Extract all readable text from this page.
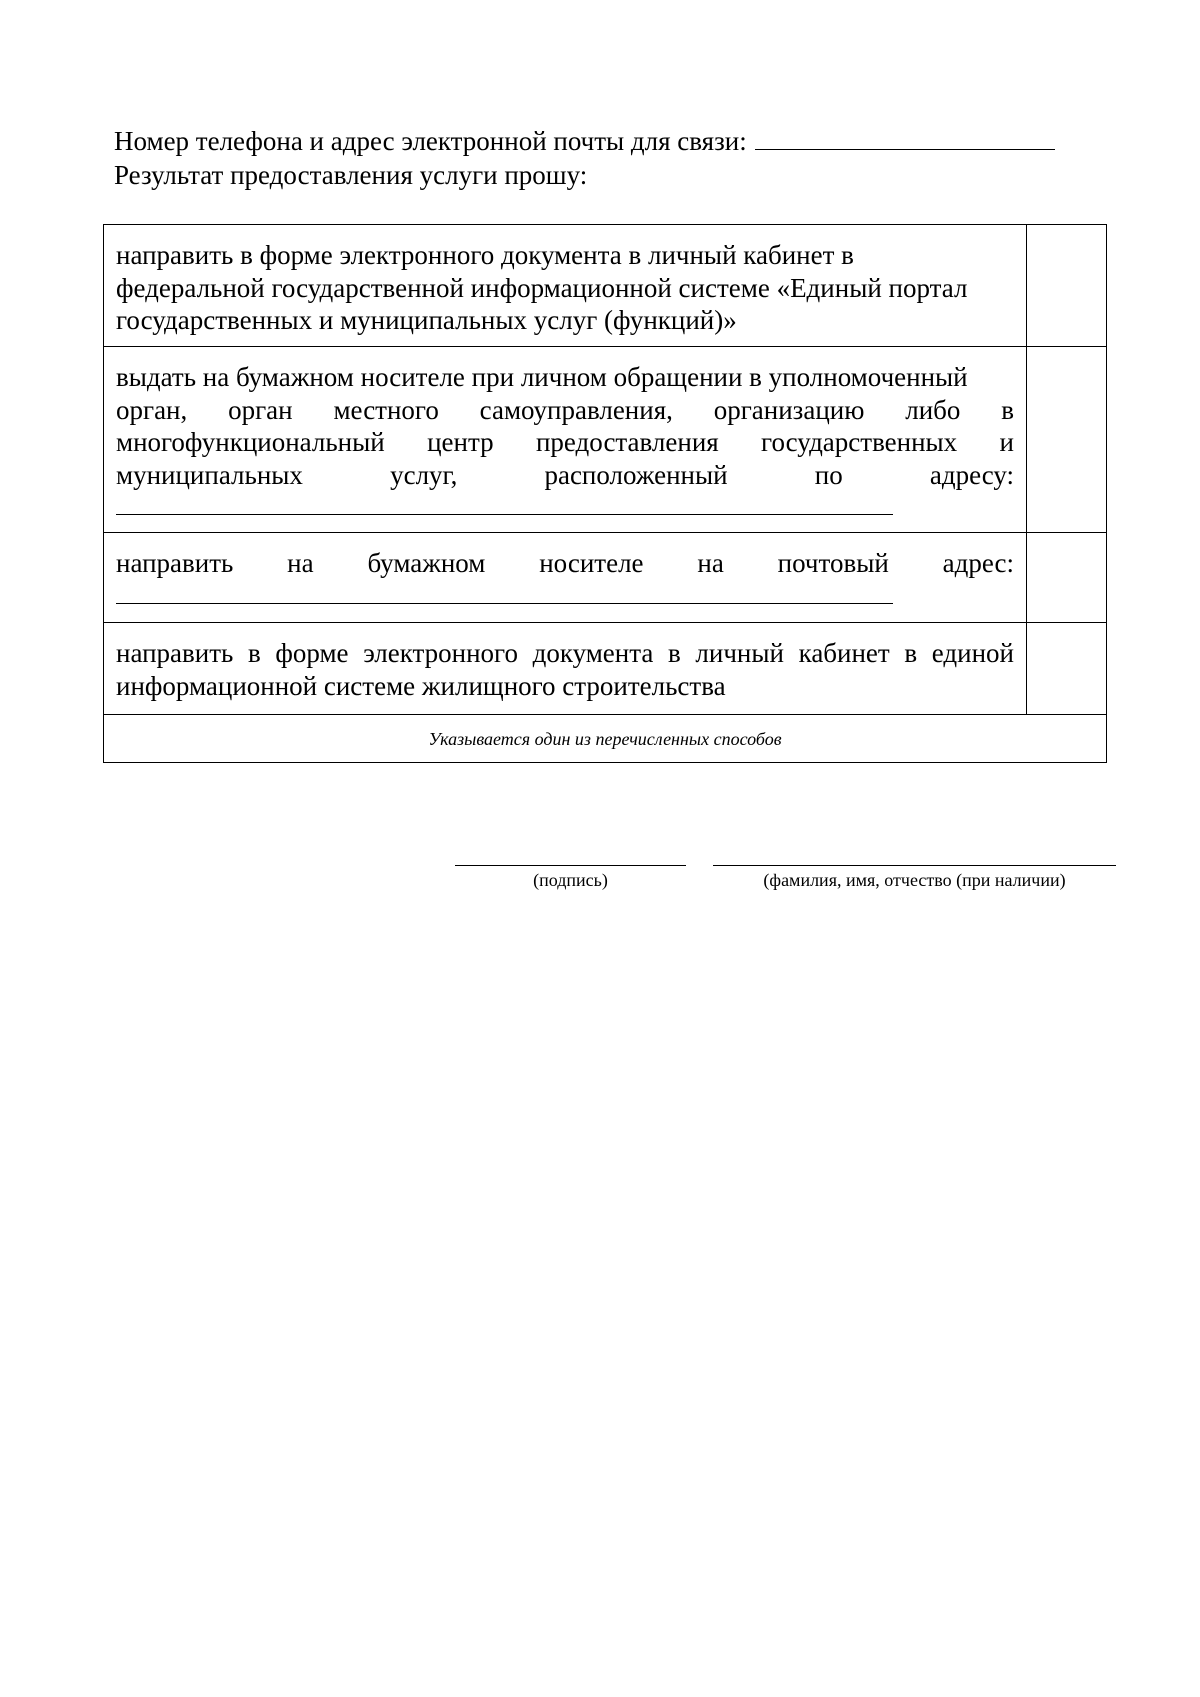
Номер телефона и адрес электронной почты для связи:
Результат предоставления услуги прошу:
направить в форме электронного документа в личный кабинет в
федеральной государственной информационной системе «Единый портал
государственных и муниципальных услуг (функций)»	

выдать на бумажном носителе при личном обращении в уполномоченный
орган, орган местного самоуправления, организацию либо в
многофункциональный центр предоставления государственных и
муниципальных услуг, расположенный по адресу:	

направить на бумажном носителе на почтовый адрес:	

направить в форме электронного документа в личный кабинет в единой
информационной системе жилищного строительства	

Указывается один из перечисленных способов	
(подпись)	(фамилия, имя, отчество (при наличии)
